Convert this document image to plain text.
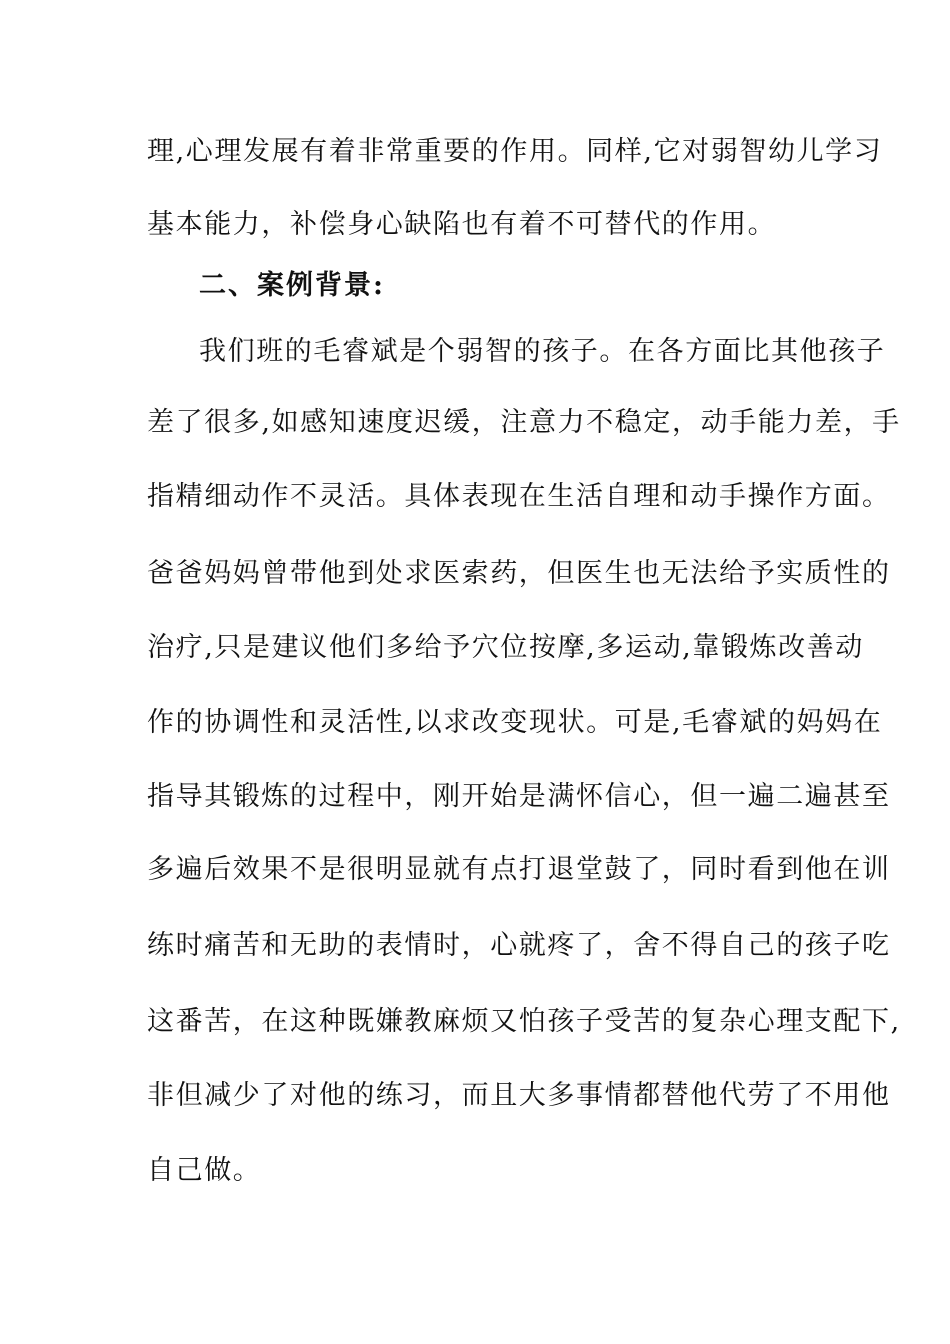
理,心理发展有着非常重要的作用。同样,它对弱智幼儿学习
基本能力，补偿身心缺陷也有着不可替代的作用。
二、案例背景:
我们班的毛睿斌是个弱智的孩子。在各方面比其他孩子
差了很多,如感知速度迟缓，注意力不稳定，动手能力差，手
指精细动作不灵活。具体表现在生活自理和动手操作方面。
爸爸妈妈曾带他到处求医索药，但医生也无法给予实质性的
治疗,只是建议他们多给予穴位按摩,多运动,靠锻炼改善动
作的协调性和灵活性,以求改变现状。可是,毛睿斌的妈妈在
指导其锻炼的过程中，刚开始是满怀信心，但一遍二遍甚至
多遍后效果不是很明显就有点打退堂鼓了，同时看到他在训
练时痛苦和无助的表情时，心就疼了，舍不得自己的孩子吃
这番苦，在这种既嫌教麻烦又怕孩子受苦的复杂心理支配下,
非但减少了对他的练习，而且大多事情都替他代劳了不用他
自己做。
